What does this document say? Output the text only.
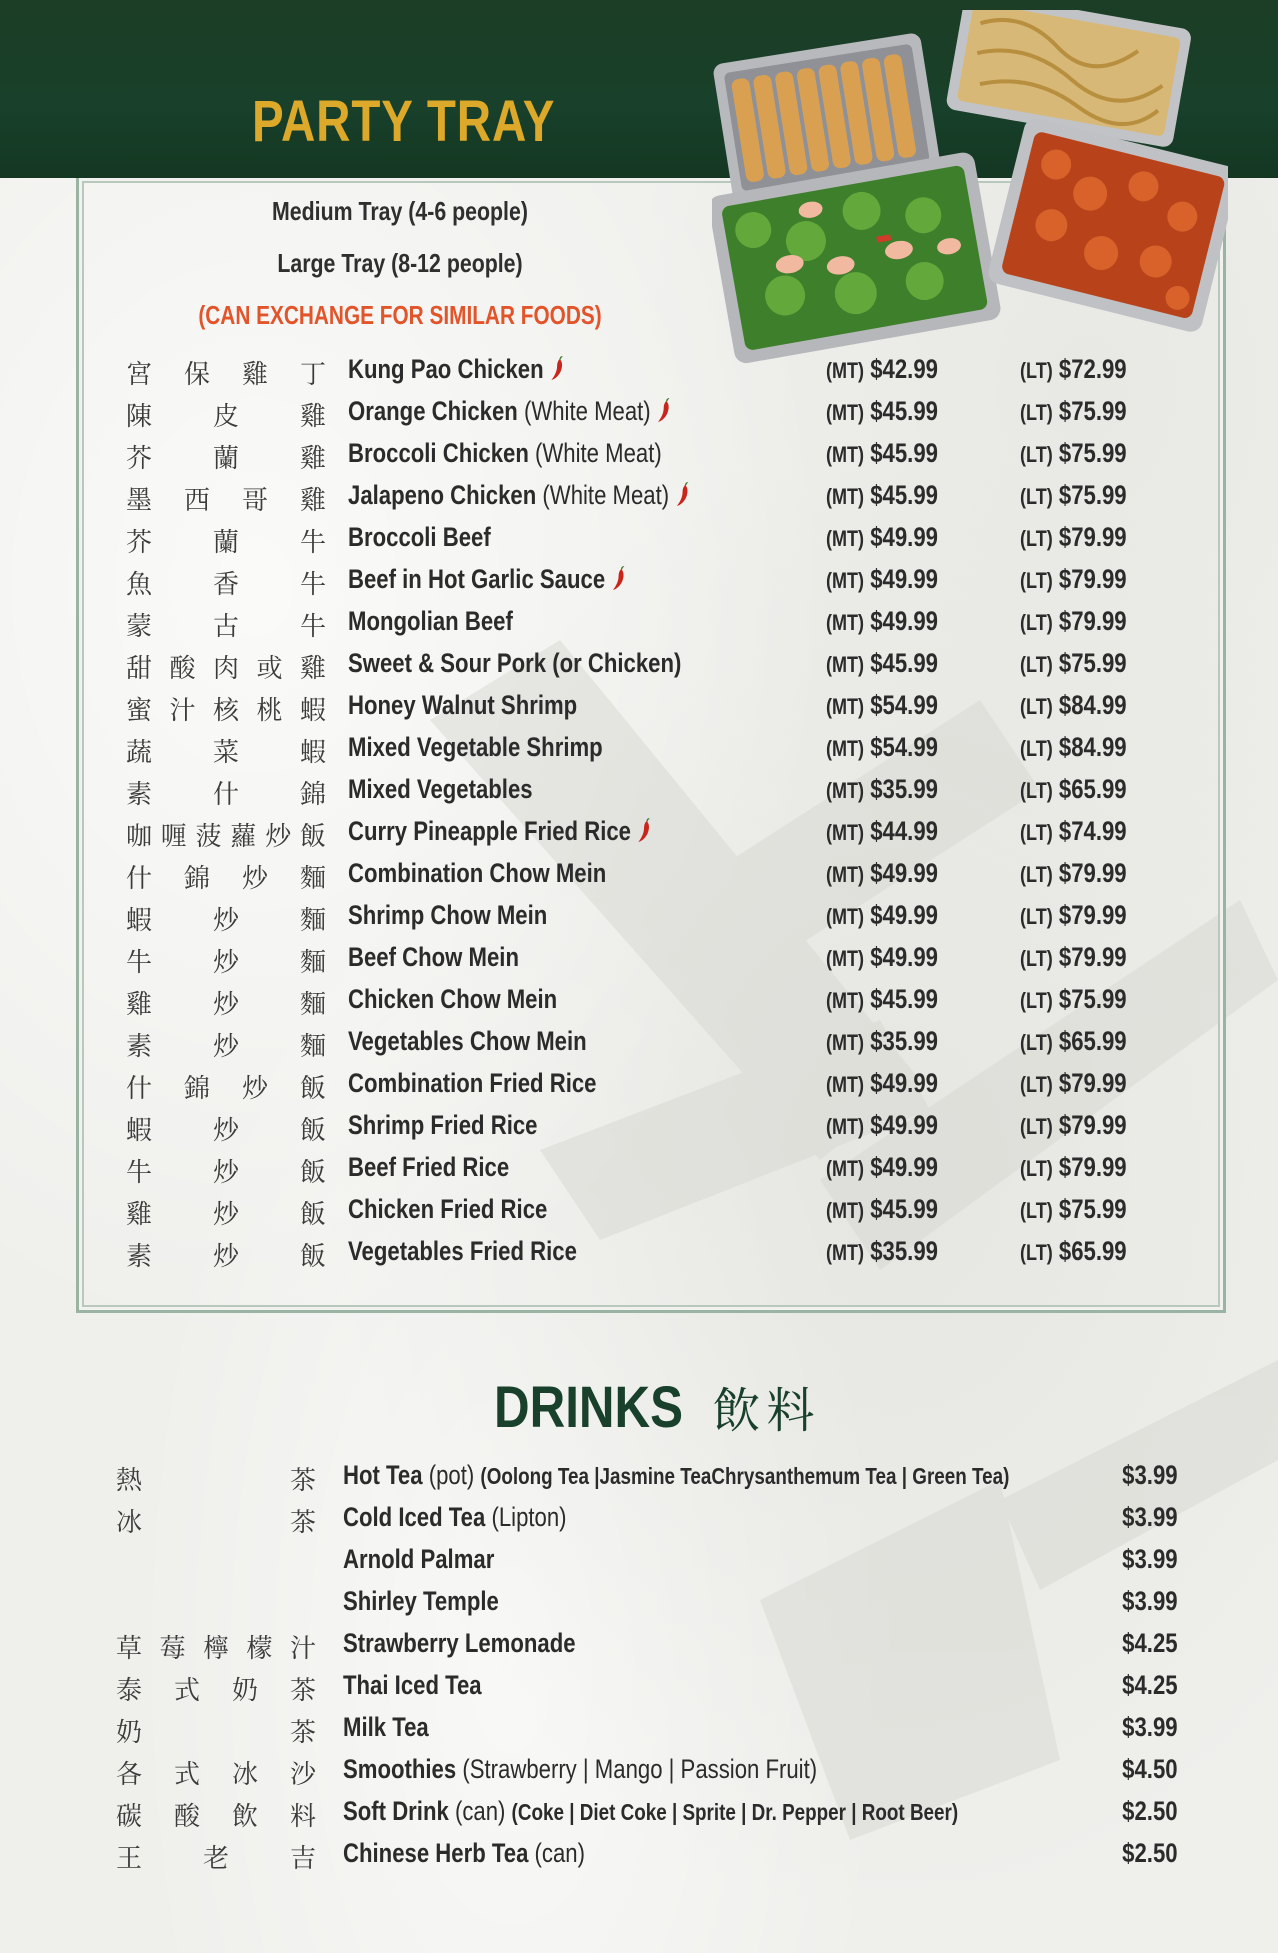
PARTY TRAY
Medium Tray (4-6 people)
Large Tray (8-12 people)
(CAN EXCHANGE FOR SIMILAR FOODS)
宮 保 雞 丁 Kung Pao Chicken	(MT) $42.99	(LT) $72.99
陳 皮 雞 Orange Chicken (White Meat)	(MT) $45.99	(LT) $75.99
芥 蘭 雞 Broccoli Chicken (White Meat)	(MT) $45.99	(LT) $75.99
墨 西 哥 雞 Jalapeno Chicken (White Meat)	(MT) $45.99	(LT) $75.99
芥 蘭 牛 Broccoli Beef	(MT) $49.99	(LT) $79.99
魚 香 牛 Beef in Hot Garlic Sauce	(MT) $49.99	(LT) $79.99
蒙 古 牛 Mongolian Beef	(MT) $49.99	(LT) $79.99
甜 酸 肉 或 雞 Sweet & Sour Pork (or Chicken)	(MT) $45.99	(LT) $75.99
蜜 汁 核 桃 蝦 Honey Walnut Shrimp	(MT) $54.99	(LT) $84.99
蔬 菜 蝦 Mixed Vegetable Shrimp	(MT) $54.99	(LT) $84.99
素 什 錦 Mixed Vegetables	(MT) $35.99	(LT) $65.99
咖 喱 菠 蘿 炒 飯 Curry Pineapple Fried Rice	(MT) $44.99	(LT) $74.99
什 錦 炒 麵 Combination Chow Mein	(MT) $49.99	(LT) $79.99
蝦 炒 麵 Shrimp Chow Mein	(MT) $49.99	(LT) $79.99
牛 炒 麵 Beef Chow Mein	(MT) $49.99	(LT) $79.99
雞 炒 麵 Chicken Chow Mein	(MT) $45.99	(LT) $75.99
素 炒 麵 Vegetables Chow Mein	(MT) $35.99	(LT) $65.99
什 錦 炒 飯 Combination Fried Rice	(MT) $49.99	(LT) $79.99
蝦 炒 飯 Shrimp Fried Rice	(MT) $49.99	(LT) $79.99
牛 炒 飯 Beef Fried Rice	(MT) $49.99	(LT) $79.99
雞 炒 飯 Chicken Fried Rice	(MT) $45.99	(LT) $75.99
素 炒 飯 Vegetables Fried Rice	(MT) $35.99	(LT) $65.99
DRINKS 飲料
熱	茶 Hot Tea (pot) (Oolong Tea |Jasmine TeaChrysanthemum Tea | Green Tea)	$3.99
冰	茶 Cold Iced Tea (Lipton)	$3.99
Arnold Palmar	$3.99
Shirley Temple	$3.99
草 莓 檸 檬 汁 Strawberry Lemonade	$4.25
泰 式 奶 茶 Thai Iced Tea	$4.25
奶	茶 Milk Tea	$3.99
各 式 冰 沙 Smoothies (Strawberry | Mango | Passion Fruit)	$4.50
碳 酸 飲 料 Soft Drink (can) (Coke | Diet Coke | Sprite | Dr. Pepper | Root Beer)	$2.50
王 老 吉 Chinese Herb Tea (can)	$2.50
